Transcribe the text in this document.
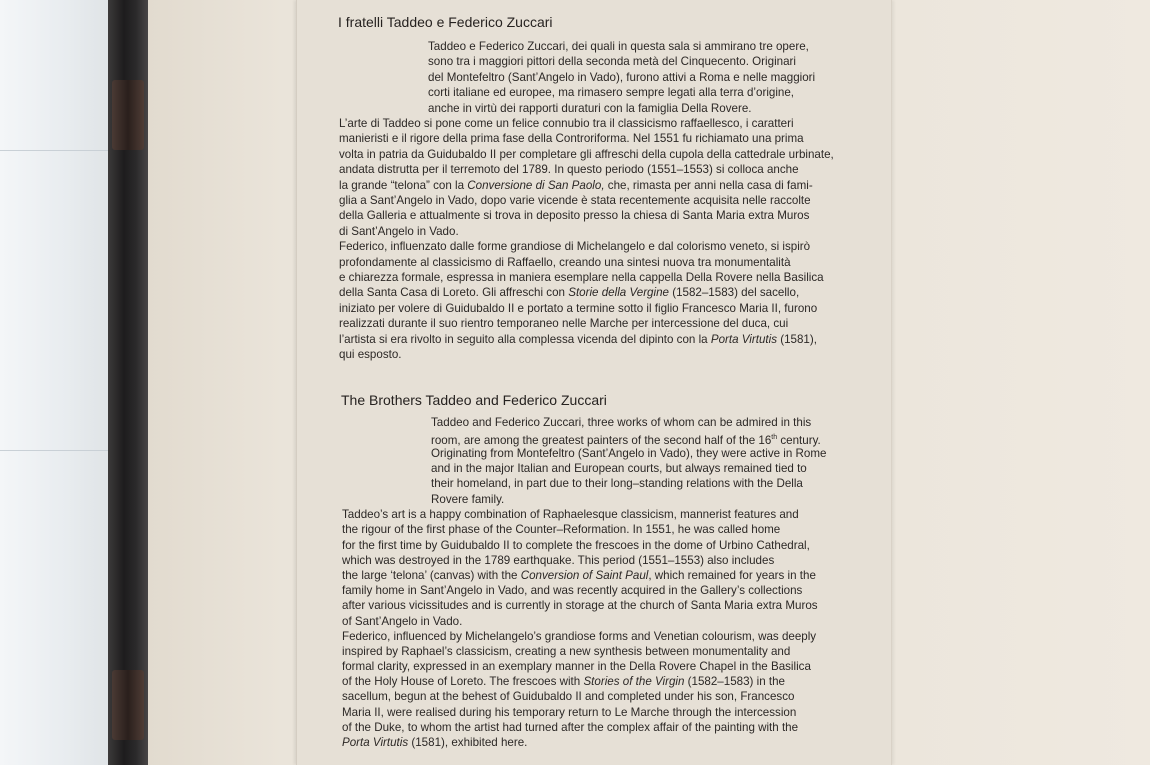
I fratelli Taddeo e Federico Zuccari
Taddeo e Federico Zuccari, dei quali in questa sala si ammirano tre opere,
sono tra i maggiori pittori della seconda metà del Cinquecento. Originari
del Montefeltro (Sant’Angelo in Vado), furono attivi a Roma e nelle maggiori
corti italiane ed europee, ma rimasero sempre legati alla terra d’origine,
anche in virtù dei rapporti duraturi con la famiglia Della Rovere.
L’arte di Taddeo si pone come un felice connubio tra il classicismo raffaellesco, i caratteri
manieristi e il rigore della prima fase della Controriforma. Nel 1551 fu richiamato una prima
volta in patria da Guidubaldo II per completare gli affreschi della cupola della cattedrale urbinate,
andata distrutta per il terremoto del 1789. In questo periodo (1551–1553) si colloca anche
la grande “telona” con la Conversione di San Paolo, che, rimasta per anni nella casa di fami-
glia a Sant’Angelo in Vado, dopo varie vicende è stata recentemente acquisita nelle raccolte
della Galleria e attualmente si trova in deposito presso la chiesa di Santa Maria extra Muros
di Sant’Angelo in Vado.
Federico, influenzato dalle forme grandiose di Michelangelo e dal colorismo veneto, si ispirò
profondamente al classicismo di Raffaello, creando una sintesi nuova tra monumentalità
e chiarezza formale, espressa in maniera esemplare nella cappella Della Rovere nella Basilica
della Santa Casa di Loreto. Gli affreschi con Storie della Vergine (1582–1583) del sacello,
iniziato per volere di Guidubaldo II e portato a termine sotto il figlio Francesco Maria II, furono
realizzati durante il suo rientro temporaneo nelle Marche per intercessione del duca, cui
l’artista si era rivolto in seguito alla complessa vicenda del dipinto con la Porta Virtutis (1581),
qui esposto.
The Brothers Taddeo and Federico Zuccari
Taddeo and Federico Zuccari, three works of whom can be admired in this
room, are among the greatest painters of the second half of the 16th century.
Originating from Montefeltro (Sant’Angelo in Vado), they were active in Rome
and in the major Italian and European courts, but always remained tied to
their homeland, in part due to their long–standing relations with the Della
Rovere family.
Taddeo’s art is a happy combination of Raphaelesque classicism, mannerist features and
the rigour of the first phase of the Counter–Reformation. In 1551, he was called home
for the first time by Guidubaldo II to complete the frescoes in the dome of Urbino Cathedral,
which was destroyed in the 1789 earthquake. This period (1551–1553) also includes
the large ‘telona’ (canvas) with the Conversion of Saint Paul, which remained for years in the
family home in Sant’Angelo in Vado, and was recently acquired in the Gallery’s collections
after various vicissitudes and is currently in storage at the church of Santa Maria extra Muros
of Sant’Angelo in Vado.
Federico, influenced by Michelangelo’s grandiose forms and Venetian colourism, was deeply
inspired by Raphael’s classicism, creating a new synthesis between monumentality and
formal clarity, expressed in an exemplary manner in the Della Rovere Chapel in the Basilica
of the Holy House of Loreto. The frescoes with Stories of the Virgin (1582–1583) in the
sacellum, begun at the behest of Guidubaldo II and completed under his son, Francesco
Maria II, were realised during his temporary return to Le Marche through the intercession
of the Duke, to whom the artist had turned after the complex affair of the painting with the
Porta Virtutis (1581), exhibited here.
